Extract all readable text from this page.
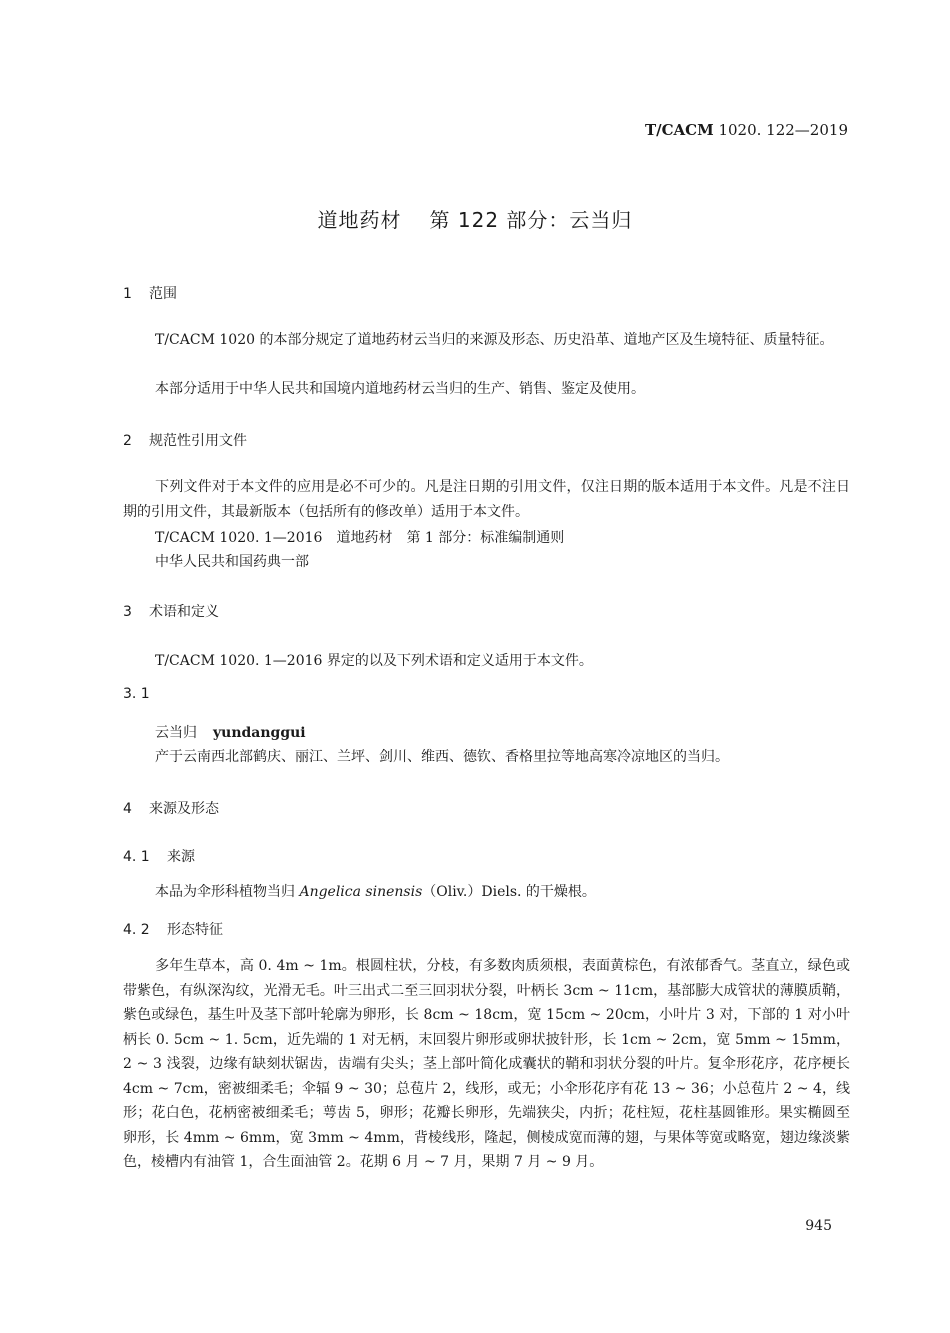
T/CACM 1020. 122—2019
道地药材 第 122 部分：云当归
1 范围
T/CACM 1020 的本部分规定了道地药材云当归的来源及形态、历史沿革、道地产区及生境特征、质量特征。
本部分适用于中华人民共和国境内道地药材云当归的生产、销售、鉴定及使用。
2 规范性引用文件
下列文件对于本文件的应用是必不可少的。凡是注日期的引用文件，仅注日期的版本适用于本文件。凡是不注日期的引用文件，其最新版本（包括所有的修改单）适用于本文件。
T/CACM 1020. 1—2016　道地药材　第 1 部分：标准编制通则
中华人民共和国药典一部
3 术语和定义
T/CACM 1020. 1—2016 界定的以及下列术语和定义适用于本文件。
3. 1
云当归 yundanggui
产于云南西北部鹤庆、丽江、兰坪、剑川、维西、德钦、香格里拉等地高寒冷凉地区的当归。
4 来源及形态
4. 1 来源
本品为伞形科植物当归 Angelica sinensis（Oliv.）Diels. 的干燥根。
4. 2 形态特征
多年生草本，高 0. 4m ~ 1m。根圆柱状，分枝，有多数肉质须根，表面黄棕色，有浓郁香气。茎直立，绿色或带紫色，有纵深沟纹，光滑无毛。叶三出式二至三回羽状分裂，叶柄长 3cm ~ 11cm，基部膨大成管状的薄膜质鞘，紫色或绿色，基生叶及茎下部叶轮廓为卵形，长 8cm ~ 18cm，宽 15cm ~ 20cm，小叶片 3 对，下部的 1 对小叶柄长 0. 5cm ~ 1. 5cm，近先端的 1 对无柄，末回裂片卵形或卵状披针形，长 1cm ~ 2cm，宽 5mm ~ 15mm，2 ~ 3 浅裂，边缘有缺刻状锯齿，齿端有尖头；茎上部叶简化成囊状的鞘和羽状分裂的叶片。复伞形花序，花序梗长 4cm ~ 7cm，密被细柔毛；伞辐 9 ~ 30；总苞片 2，线形，或无；小伞形花序有花 13 ~ 36；小总苞片 2 ~ 4，线形；花白色，花柄密被细柔毛；萼齿 5，卵形；花瓣长卵形，先端狭尖，内折；花柱短，花柱基圆锥形。果实椭圆至卵形，长 4mm ~ 6mm，宽 3mm ~ 4mm，背棱线形，隆起，侧棱成宽而薄的翅，与果体等宽或略宽，翅边缘淡紫色，棱槽内有油管 1，合生面油管 2。花期 6 月 ~ 7 月，果期 7 月 ~ 9 月。
945
